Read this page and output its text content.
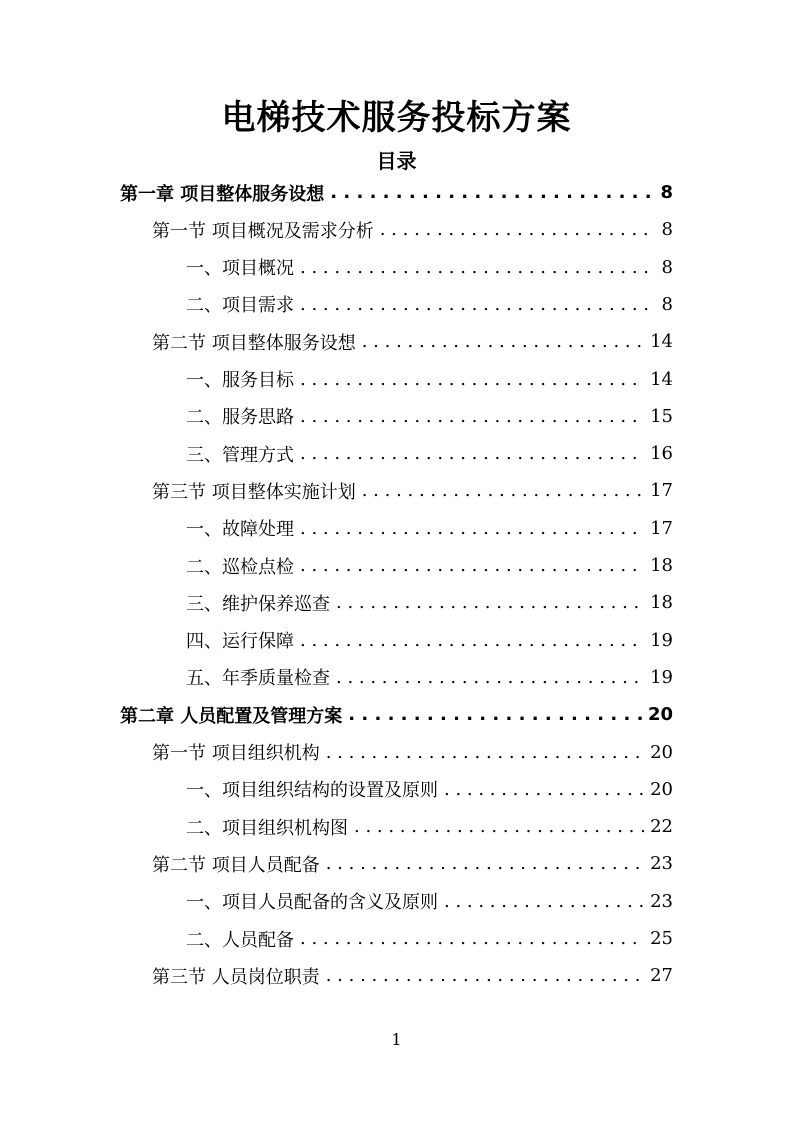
电梯技术服务投标方案
目录
第一章 项目整体服务设想 . . .	8
第一节 项目概况及需求分析 . . .	8
一、项目概况 . . .	8
二、项目需求 . . .	8
第二节 项目整体服务设想 . . .	14
一、服务目标 . . .	14
二、服务思路 . . .	15
三、管理方式 . . .	16
第三节 项目整体实施计划 . . .	17
一、故障处理 . . .	17
二、巡检点检 . . .	18
三、维护保养巡查 . . .	18
四、运行保障 . . .	19
五、年季质量检查 . . .	19
第二章 人员配置及管理方案 . . .	20
第一节 项目组织机构 . . .	20
一、项目组织结构的设置及原则 . . .	20
二、项目组织机构图 . . .	22
第二节 项目人员配备 . . .	23
一、项目人员配备的含义及原则 . . .	23
二、人员配备 . . .	25
第三节 人员岗位职责 . . .	27
1
